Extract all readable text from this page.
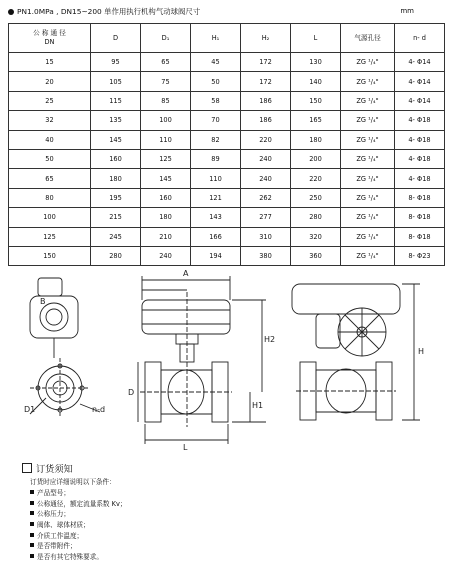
PN1.0MPa , DN15~200 单作用执行机构气动球阀尺寸	mm
公 称 通 径
DN	D	D₁	H₁	H₂	L	气源孔径	n- d
15	95	65	45	172	130	ZG ¹/₄"	4- Φ14
20	105	75	50	172	140	ZG ¹/₄"	4- Φ14
25	115	85	58	186	150	ZG ¹/₄"	4- Φ14
32	135	100	70	186	165	ZG ¹/₄"	4- Φ18
40	145	110	82	220	180	ZG ¹/₄"	4- Φ18
50	160	125	89	240	200	ZG ¹/₄"	4- Φ18
65	180	145	110	240	220	ZG ¹/₄"	4- Φ18
80	195	160	121	262	250	ZG ¹/₄"	8- Φ18
100	215	180	143	277	280	ZG ¹/₄"	8- Φ18
125	245	210	166	310	320	ZG ¹/₄"	8- Φ18
150	280	240	194	380	360	ZG ¹/₄"	8- Φ23
B
D1	n-d
A
D
L
H2
H1
H
订货须知
订货时应详细说明以下条件：
产品型号；
公称通径，额定流量系数 Kv；
公称压力；
阀体、球体材质；
介质工作温度；
是否带附件；
是否有其它特殊要求。
